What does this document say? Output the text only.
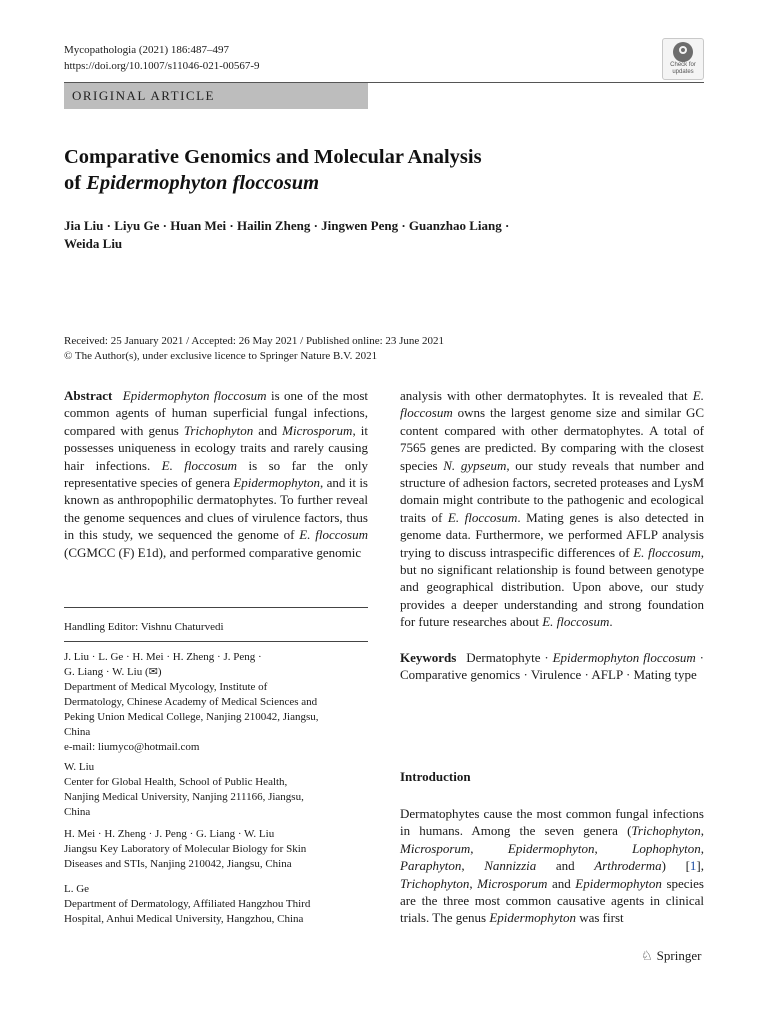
Mycopathologia (2021) 186:487–497
https://doi.org/10.1007/s11046-021-00567-9	Check for
updates
ORIGINAL ARTICLE
Comparative Genomics and Molecular Analysis
of Epidermophyton floccosum
Jia Liu · Liyu Ge · Huan Mei · Hailin Zheng · Jingwen Peng · Guanzhao Liang ·
Weida Liu
Received: 25 January 2021 / Accepted: 26 May 2021 / Published online: 23 June 2021
© The Author(s), under exclusive licence to Springer Nature B.V. 2021
Abstract Epidermophyton floccosum is one of the most common agents of human superficial fungal infections, compared with genus Trichophyton and Microsporum, it possesses uniqueness in ecology traits and rarely causing hair infections. E. floccosum is so far the only representative species of genera Epidermophyton, and it is known as anthropophilic dermatophytes. To further reveal the genome sequences and clues of virulence factors, thus in this study, we sequenced the genome of E. floccosum (CGMCC (F) E1d), and performed comparative genomic
Handling Editor: Vishnu Chaturvedi
J. Liu · L. Ge · H. Mei · H. Zheng · J. Peng ·
G. Liang · W. Liu (✉)
Department of Medical Mycology, Institute of
Dermatology, Chinese Academy of Medical Sciences and
Peking Union Medical College, Nanjing 210042, Jiangsu,
China
e-mail: liumyco@hotmail.com
W. Liu
Center for Global Health, School of Public Health,
Nanjing Medical University, Nanjing 211166, Jiangsu,
China
H. Mei · H. Zheng · J. Peng · G. Liang · W. Liu
Jiangsu Key Laboratory of Molecular Biology for Skin
Diseases and STIs, Nanjing 210042, Jiangsu, China
L. Ge
Department of Dermatology, Affiliated Hangzhou Third
Hospital, Anhui Medical University, Hangzhou, China
analysis with other dermatophytes. It is revealed that E. floccosum owns the largest genome size and similar GC content compared with other dermatophytes. A total of 7565 genes are predicted. By comparing with the closest species N. gypseum, our study reveals that number and structure of adhesion factors, secreted proteases and LysM domain might contribute to the pathogenic and ecological traits of E. floccosum. Mating genes is also detected in genome data. Furthermore, we performed AFLP analysis trying to discuss intraspecific differences of E. floccosum, but no significant relationship is found between genotype and geographical distribution. Upon above, our study provides a deeper understanding and strong foundation for future researches about E. floccosum.
Keywords Dermatophyte · Epidermophyton floccosum · Comparative genomics · Virulence · AFLP · Mating type
Introduction
Dermatophytes cause the most common fungal infections in humans. Among the seven genera (Trichophyton, Microsporum, Epidermophyton, Lophophyton, Paraphyton, Nannizzia and Arthroderma) [1], Trichophyton, Microsporum and Epidermophyton species are the three most common causative agents in clinical trials. The genus Epidermophyton was first
♘ Springer
